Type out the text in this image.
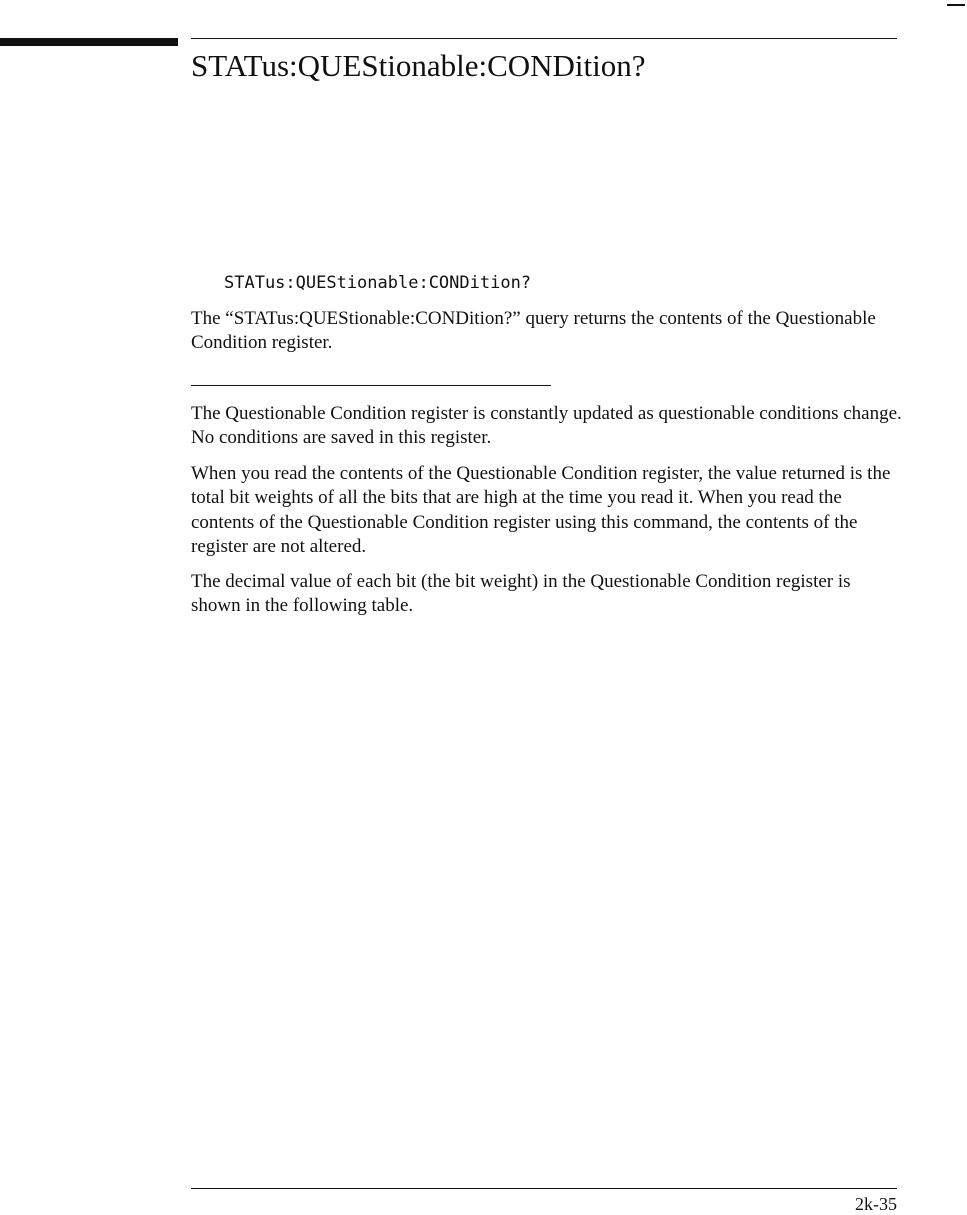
STATus:QUEStionable:CONDition?
STATus:QUEStionable:CONDition?

The “STATus:QUEStionable:CONDition?” query returns the contents of the Questionable Condition register.

The Questionable Condition register is constantly updated as questionable conditions change. No conditions are saved in this register.

When you read the contents of the Questionable Condition register, the value returned is the total bit weights of all the bits that are high at the time you read it. When you read the contents of the Questionable Condition register using this command, the contents of the register are not altered.

The decimal value of each bit (the bit weight) in the Questionable Condition register is shown in the following table.

2k-35
